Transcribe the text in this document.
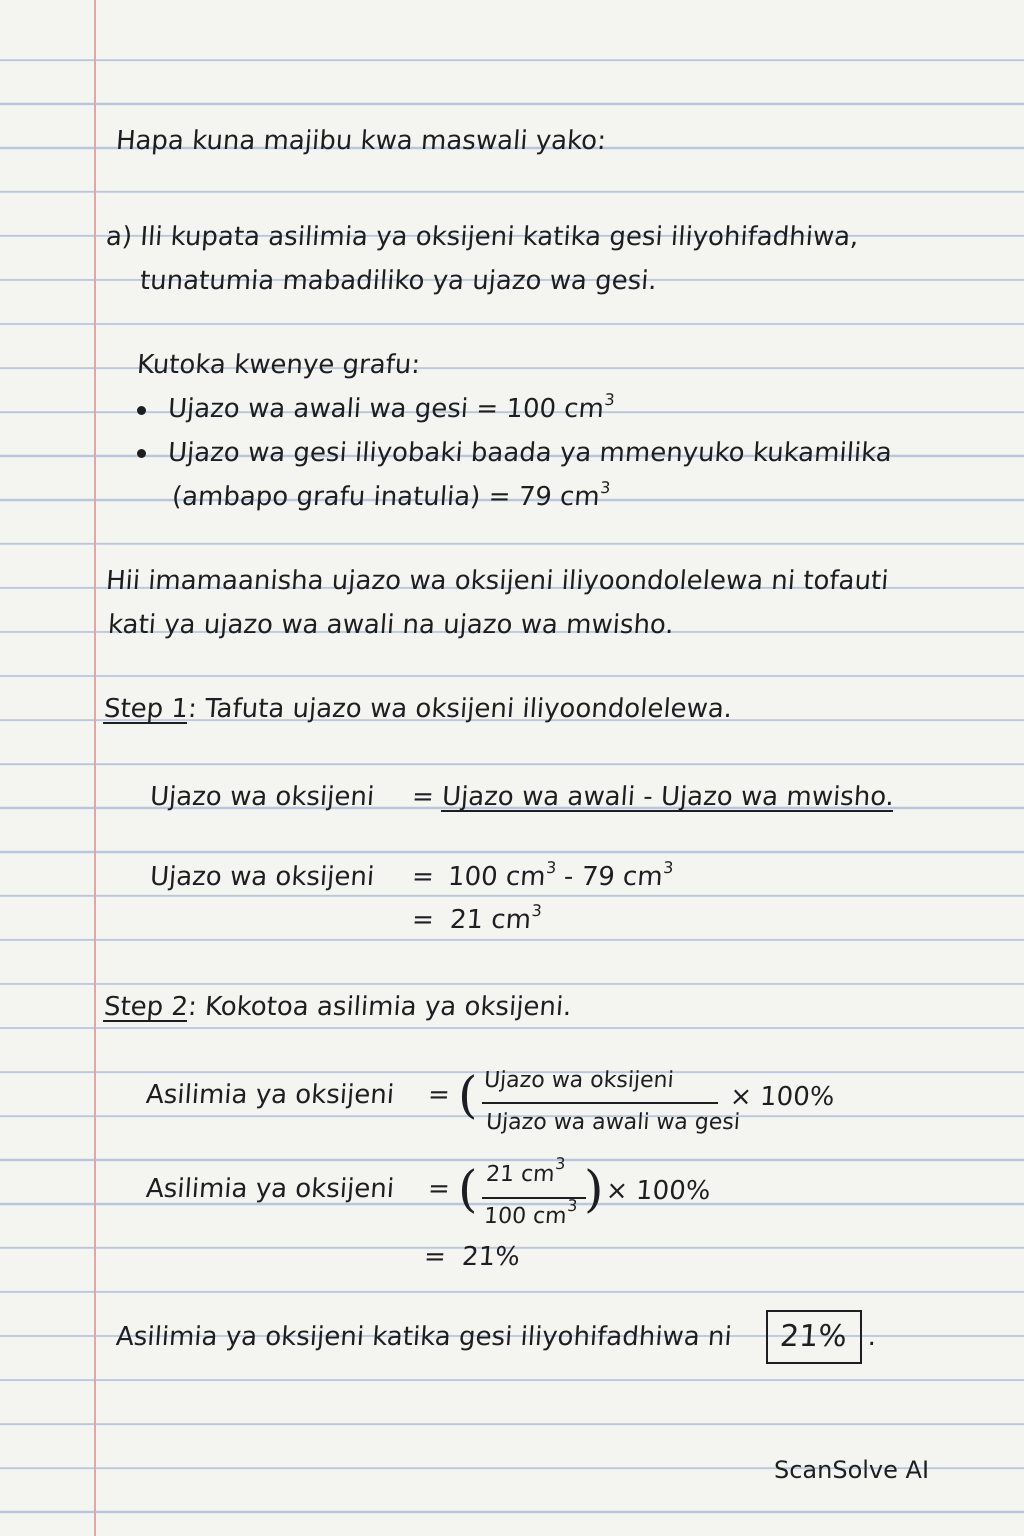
Hapa kuna majibu kwa maswali yako:
a) Ili kupata asilimia ya oksijeni katika gesi iliyohifadhiwa,
tunatumia mabadiliko ya ujazo wa gesi.
Kutoka kwenye grafu:
Ujazo wa awali wa gesi = 100 $cm^3$
Ujazo wa gesi iliyobaki baada ya mmenyuko kukamilika
(ambapo grafu inatulia) = 79 $cm^3$
Hii imamaanisha ujazo wa oksijeni iliyoondolelewa ni tofauti
kati ya ujazo wa awali na ujazo wa mwisho.
Step 1: Tafuta ujazo wa oksijeni iliyoondolelewa.
Ujazo wa oksijeni = Ujazo wa awali - Ujazo wa mwisho.
Ujazo wa oksijeni = 100 $cm^3 - 79$ $cm^3$
= 21 $cm^3$
Step 2: Kokotoa asilimia ya oksijeni.
Asilimia ya oksijeni = ( Ujazo wa oksijeni
Ujazo wa awali wa gesi
× 100%
Asilimia ya oksijeni = ( 21 $cm^3$
100 $cm^3$ ) × 100%
= 21%
Asilimia ya oksijeni katika gesi iliyohifadhiwa ni 21% .
ScanSolve AI
